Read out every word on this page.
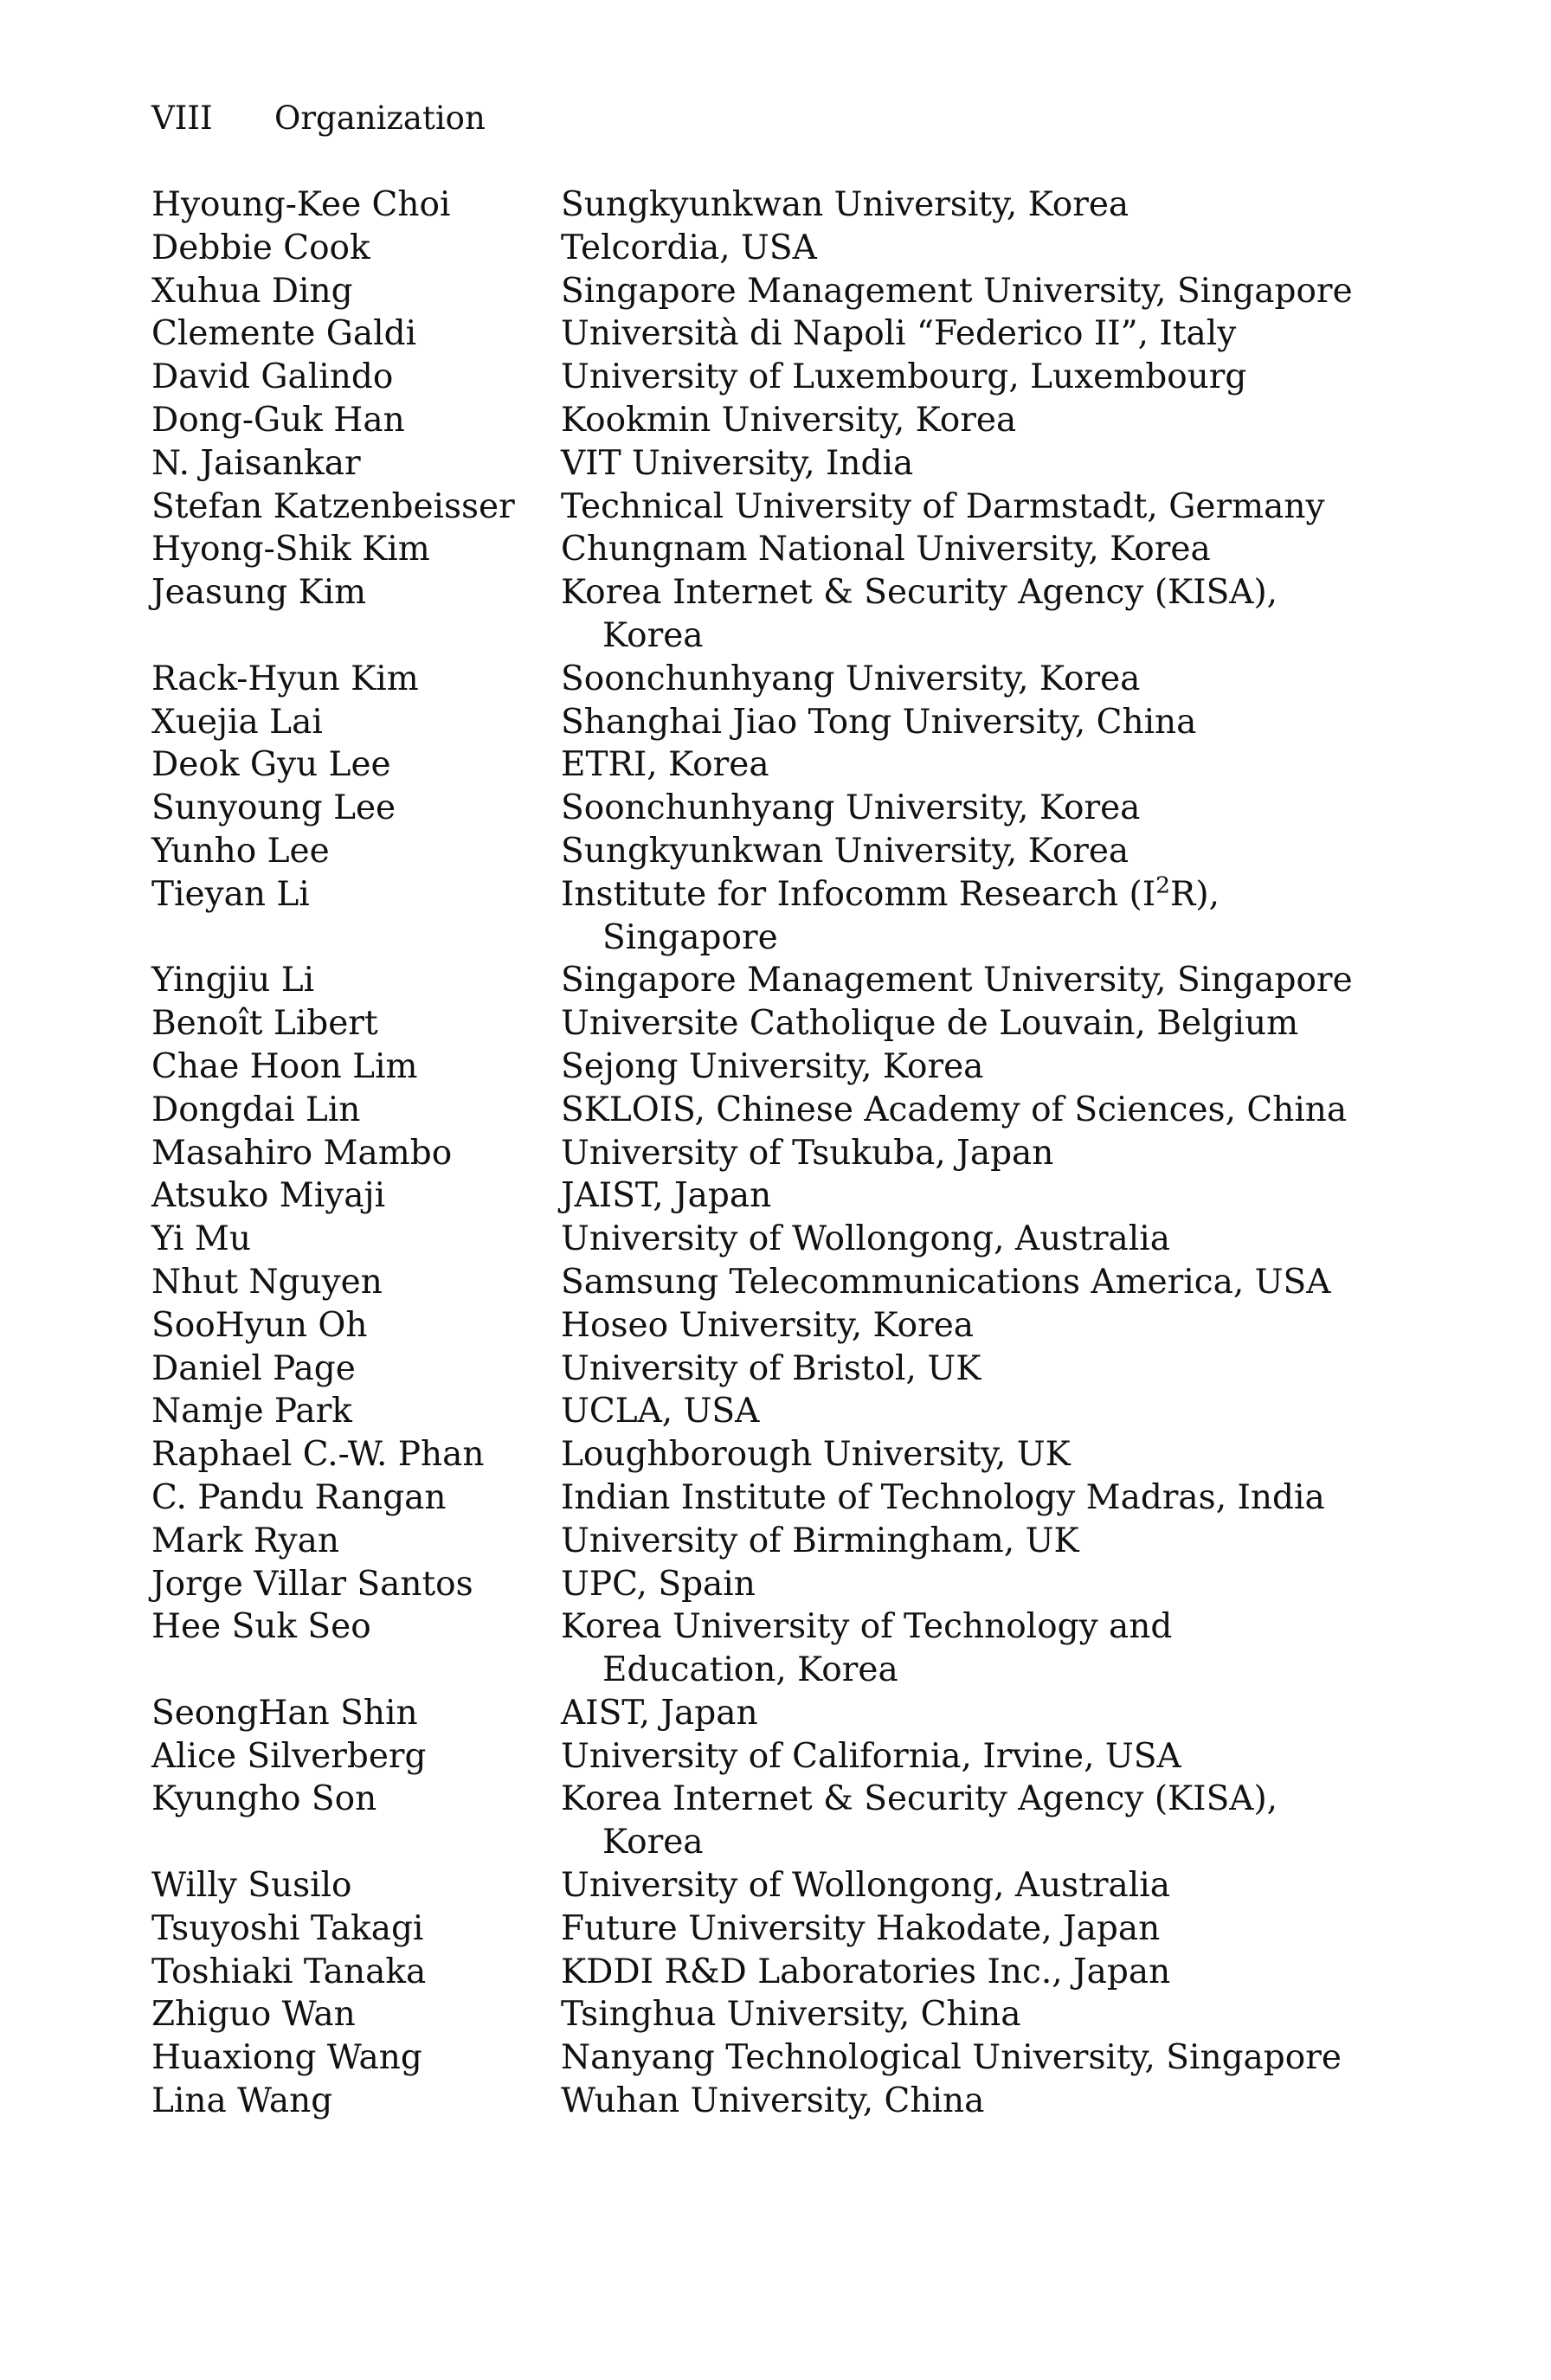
VIII Organization
Hyoung-Kee Choi	Sungkyunkwan University, Korea
Debbie Cook	Telcordia, USA
Xuhua Ding	Singapore Management University, Singapore
Clemente Galdi	Università di Napoli “Federico II”, Italy
David Galindo	University of Luxembourg, Luxembourg
Dong-Guk Han	Kookmin University, Korea
N. Jaisankar	VIT University, India
Stefan Katzenbeisser	Technical University of Darmstadt, Germany
Hyong-Shik Kim	Chungnam National University, Korea
Jeasung Kim	Korea Internet & Security Agency (KISA),
Korea
Rack-Hyun Kim	Soonchunhyang University, Korea
Xuejia Lai	Shanghai Jiao Tong University, China
Deok Gyu Lee	ETRI, Korea
Sunyoung Lee	Soonchunhyang University, Korea
Yunho Lee	Sungkyunkwan University, Korea
Tieyan Li	Institute for Infocomm Research $(I^2R)$,
Singapore
Yingjiu Li	Singapore Management University, Singapore
Benoît Libert	Universite Catholique de Louvain, Belgium
Chae Hoon Lim	Sejong University, Korea
Dongdai Lin	SKLOIS, Chinese Academy of Sciences, China
Masahiro Mambo	University of Tsukuba, Japan
Atsuko Miyaji	JAIST, Japan
Yi Mu	University of Wollongong, Australia
Nhut Nguyen	Samsung Telecommunications America, USA
SooHyun Oh	Hoseo University, Korea
Daniel Page	University of Bristol, UK
Namje Park	UCLA, USA
Raphael C.-W. Phan	Loughborough University, UK
C. Pandu Rangan	Indian Institute of Technology Madras, India
Mark Ryan	University of Birmingham, UK
Jorge Villar Santos	UPC, Spain
Hee Suk Seo	Korea University of Technology and
Education, Korea
SeongHan Shin	AIST, Japan
Alice Silverberg	University of California, Irvine, USA
Kyungho Son	Korea Internet & Security Agency (KISA),
Korea
Willy Susilo	University of Wollongong, Australia
Tsuyoshi Takagi	Future University Hakodate, Japan
Toshiaki Tanaka	KDDI R&D Laboratories Inc., Japan
Zhiguo Wan	Tsinghua University, China
Huaxiong Wang	Nanyang Technological University, Singapore
Lina Wang	Wuhan University, China
